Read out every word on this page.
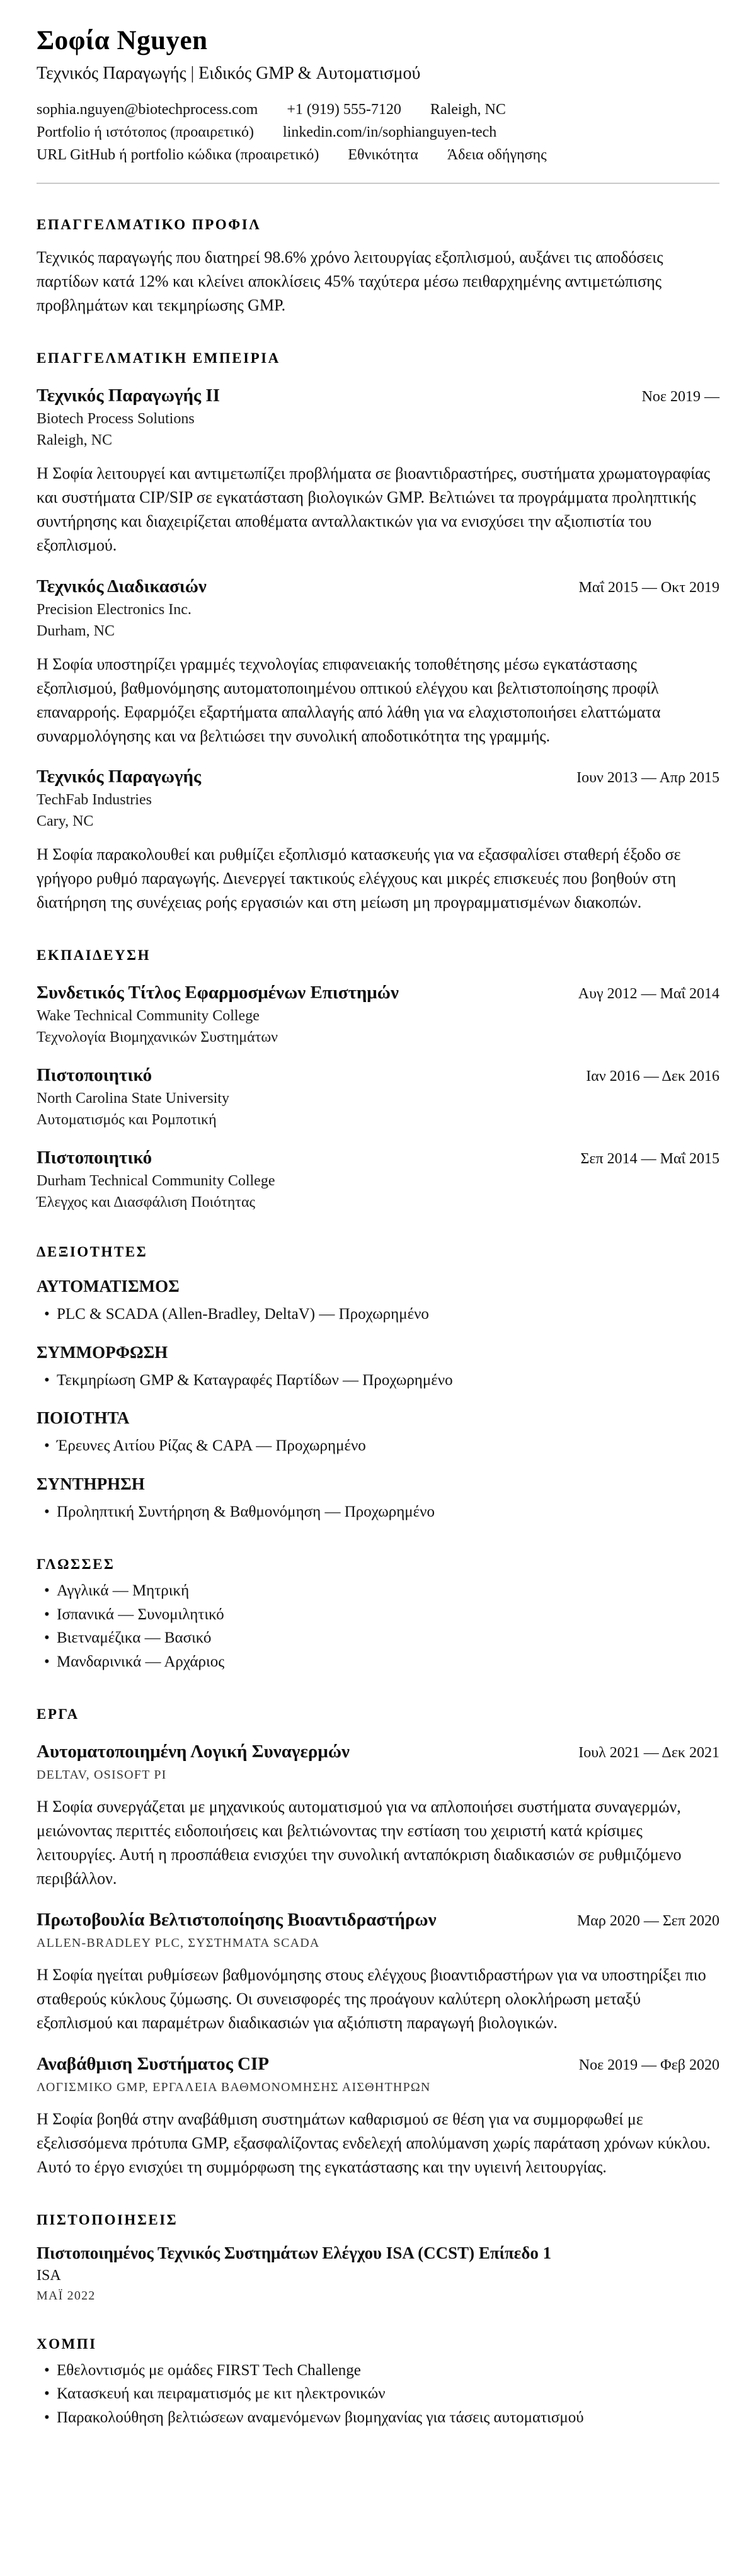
Σοφία Nguyen
Τεχνικός Παραγωγής | Ειδικός GMP & Αυτοματισμού
sophia.nguyen@biotechprocess.com +1 (919) 555-7120 Raleigh, NC
Portfolio ή ιστότοπος (προαιρετικό) linkedin.com/in/sophianguyen-tech
URL GitHub ή portfolio κώδικα (προαιρετικό) Εθνικότητα Άδεια οδήγησης
ΕΠΑΓΓΕΛΜΑΤΙΚΟ ΠΡΟΦΙΛ

Τεχνικός παραγωγής που διατηρεί 98.6% χρόνο λειτουργίας εξοπλισμού, αυξάνει τις αποδόσεις παρτίδων κατά 12% και κλείνει αποκλίσεις 45% ταχύτερα μέσω πειθαρχημένης αντιμετώπισης προβλημάτων και τεκμηρίωσης GMP.

ΕΠΑΓΓΕΛΜΑΤΙΚΗ ΕΜΠΕΙΡΙΑ
Τεχνικός Παραγωγής II	Νοε 2019 —
Biotech Process Solutions
Raleigh, NC

Η Σοφία λειτουργεί και αντιμετωπίζει προβλήματα σε βιοαντιδραστήρες, συστήματα χρωματογραφίας και συστήματα CIP/SIP σε εγκατάσταση βιολογικών GMP. Βελτιώνει τα προγράμματα προληπτικής συντήρησης και διαχειρίζεται αποθέματα ανταλλακτικών για να ενισχύσει την αξιοπιστία του εξοπλισμού.

Τεχνικός Διαδικασιών	Μαΐ 2015 — Οκτ 2019
Precision Electronics Inc.
Durham, NC

Η Σοφία υποστηρίζει γραμμές τεχνολογίας επιφανειακής τοποθέτησης μέσω εγκατάστασης εξοπλισμού, βαθμονόμησης αυτοματοποιημένου οπτικού ελέγχου και βελτιστοποίησης προφίλ επαναρροής. Εφαρμόζει εξαρτήματα απαλλαγής από λάθη για να ελαχιστοποιήσει ελαττώματα συναρμολόγησης και να βελτιώσει την συνολική αποδοτικότητα της γραμμής.

Τεχνικός Παραγωγής	Ιουν 2013 — Απρ 2015
TechFab Industries
Cary, NC

Η Σοφία παρακολουθεί και ρυθμίζει εξοπλισμό κατασκευής για να εξασφαλίσει σταθερή έξοδο σε γρήγορο ρυθμό παραγωγής. Διενεργεί τακτικούς ελέγχους και μικρές επισκευές που βοηθούν στη διατήρηση της συνέχειας ροής εργασιών και στη μείωση μη προγραμματισμένων διακοπών.

ΕΚΠΑΙΔΕΥΣΗ
Συνδετικός Τίτλος Εφαρμοσμένων Επιστημών	Αυγ 2012 — Μαΐ 2014
Wake Technical Community College
Τεχνολογία Βιομηχανικών Συστημάτων
Πιστοποιητικό	Ιαν 2016 — Δεκ 2016
North Carolina State University
Αυτοματισμός και Ρομποτική
Πιστοποιητικό	Σεπ 2014 — Μαΐ 2015
Durham Technical Community College
Έλεγχος και Διασφάλιση Ποιότητας
ΔΕΞΙΟΤΗΤΕΣ
ΑΥΤΟΜΑΤΙΣΜΟΣ
• PLC & SCADA (Allen-Bradley, DeltaV) — Προχωρημένο
ΣΥΜΜΟΡΦΩΣΗ
• Τεκμηρίωση GMP & Καταγραφές Παρτίδων — Προχωρημένο
ΠΟΙΟΤΗΤΑ
• Έρευνες Αιτίου Ρίζας & CAPA — Προχωρημένο
ΣΥΝΤΗΡΗΣΗ
• Προληπτική Συντήρηση & Βαθμονόμηση — Προχωρημένο
ΓΛΩΣΣΕΣ
• Αγγλικά — Μητρική
• Ισπανικά — Συνομιλητικό
• Βιετναμέζικα — Βασικό
• Μανδαρινικά — Αρχάριος
ΕΡΓΑ
Αυτοματοποιημένη Λογική Συναγερμών	Ιουλ 2021 — Δεκ 2021
DELTAV, OSISOFT PI

Η Σοφία συνεργάζεται με μηχανικούς αυτοματισμού για να απλοποιήσει συστήματα συναγερμών, μειώνοντας περιττές ειδοποιήσεις και βελτιώνοντας την εστίαση του χειριστή κατά κρίσιμες λειτουργίες. Αυτή η προσπάθεια ενισχύει την συνολική ανταπόκριση διαδικασιών σε ρυθμιζόμενο περιβάλλον.

Πρωτοβουλία Βελτιστοποίησης Βιοαντιδραστήρων	Μαρ 2020 — Σεπ 2020
ALLEN-BRADLEY PLC, ΣΥΣΤΗΜΑΤΑ SCADA

Η Σοφία ηγείται ρυθμίσεων βαθμονόμησης στους ελέγχους βιοαντιδραστήρων για να υποστηρίξει πιο σταθερούς κύκλους ζύμωσης. Οι συνεισφορές της προάγουν καλύτερη ολοκλήρωση μεταξύ εξοπλισμού και παραμέτρων διαδικασιών για αξιόπιστη παραγωγή βιολογικών.

Αναβάθμιση Συστήματος CIP	Νοε 2019 — Φεβ 2020
ΛΟΓΙΣΜΙΚΟ GMP, ΕΡΓΑΛΕΙΑ ΒΑΘΜΟΝΟΜΗΣΗΣ ΑΙΣΘΗΤΗΡΩΝ

Η Σοφία βοηθά στην αναβάθμιση συστημάτων καθαρισμού σε θέση για να συμμορφωθεί με εξελισσόμενα πρότυπα GMP, εξασφαλίζοντας ενδελεχή απολύμανση χωρίς παράταση χρόνων κύκλου. Αυτό το έργο ενισχύει τη συμμόρφωση της εγκατάστασης και την υγιεινή λειτουργίας.

ΠΙΣΤΟΠΟΙΗΣΕΙΣ
Πιστοποιημένος Τεχνικός Συστημάτων Ελέγχου ISA (CCST) Επίπεδο 1
ISA
ΜΑΪ 2022
ΧΟΜΠΙ
• Εθελοντισμός με ομάδες FIRST Tech Challenge
• Κατασκευή και πειραματισμός με κιτ ηλεκτρονικών
• Παρακολούθηση βελτιώσεων αναμενόμενων βιομηχανίας για τάσεις αυτοματισμού
